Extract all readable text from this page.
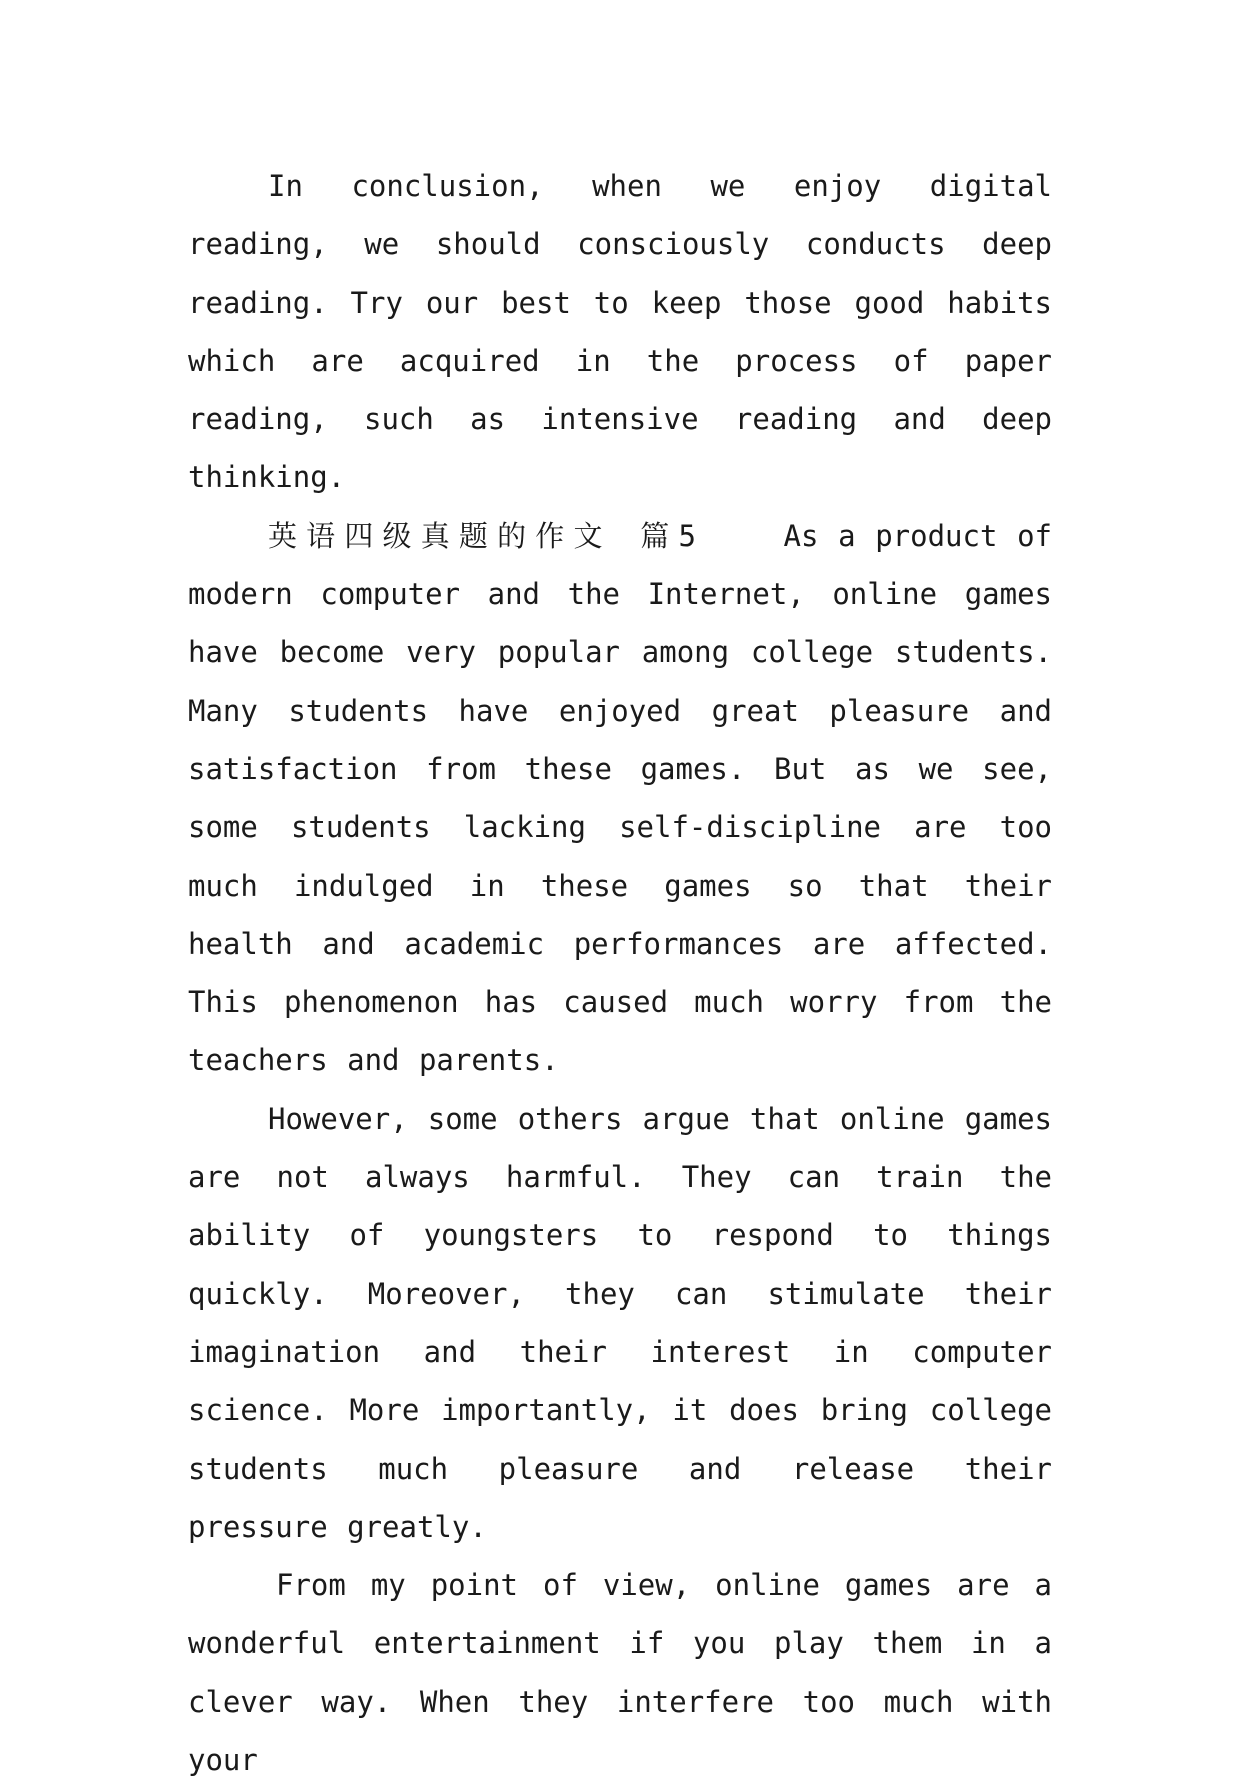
In conclusion, when we enjoy digital reading, we should consciously conducts deep reading. Try our best to keep those good habits which are acquired in the process of paper reading, such as intensive reading and deep thinking.

英语四级真题的作文 篇5	As a product of modern computer and the Internet, online games have become very popular among college students. Many students have enjoyed great pleasure and satisfaction from these games. But as we see, some students lacking self-discipline are too much indulged in these games so that their health and academic performances are affected. This phenomenon has caused much worry from the teachers and parents.

However, some others argue that online games are not always harmful. They can train the ability of youngsters to respond to things quickly. Moreover, they can stimulate their imagination and their interest in computer science. More importantly, it does bring college students much pleasure and release their pressure greatly.

From my point of view, online games are a wonderful entertainment if you play them in a clever way. When they interfere too much with your
